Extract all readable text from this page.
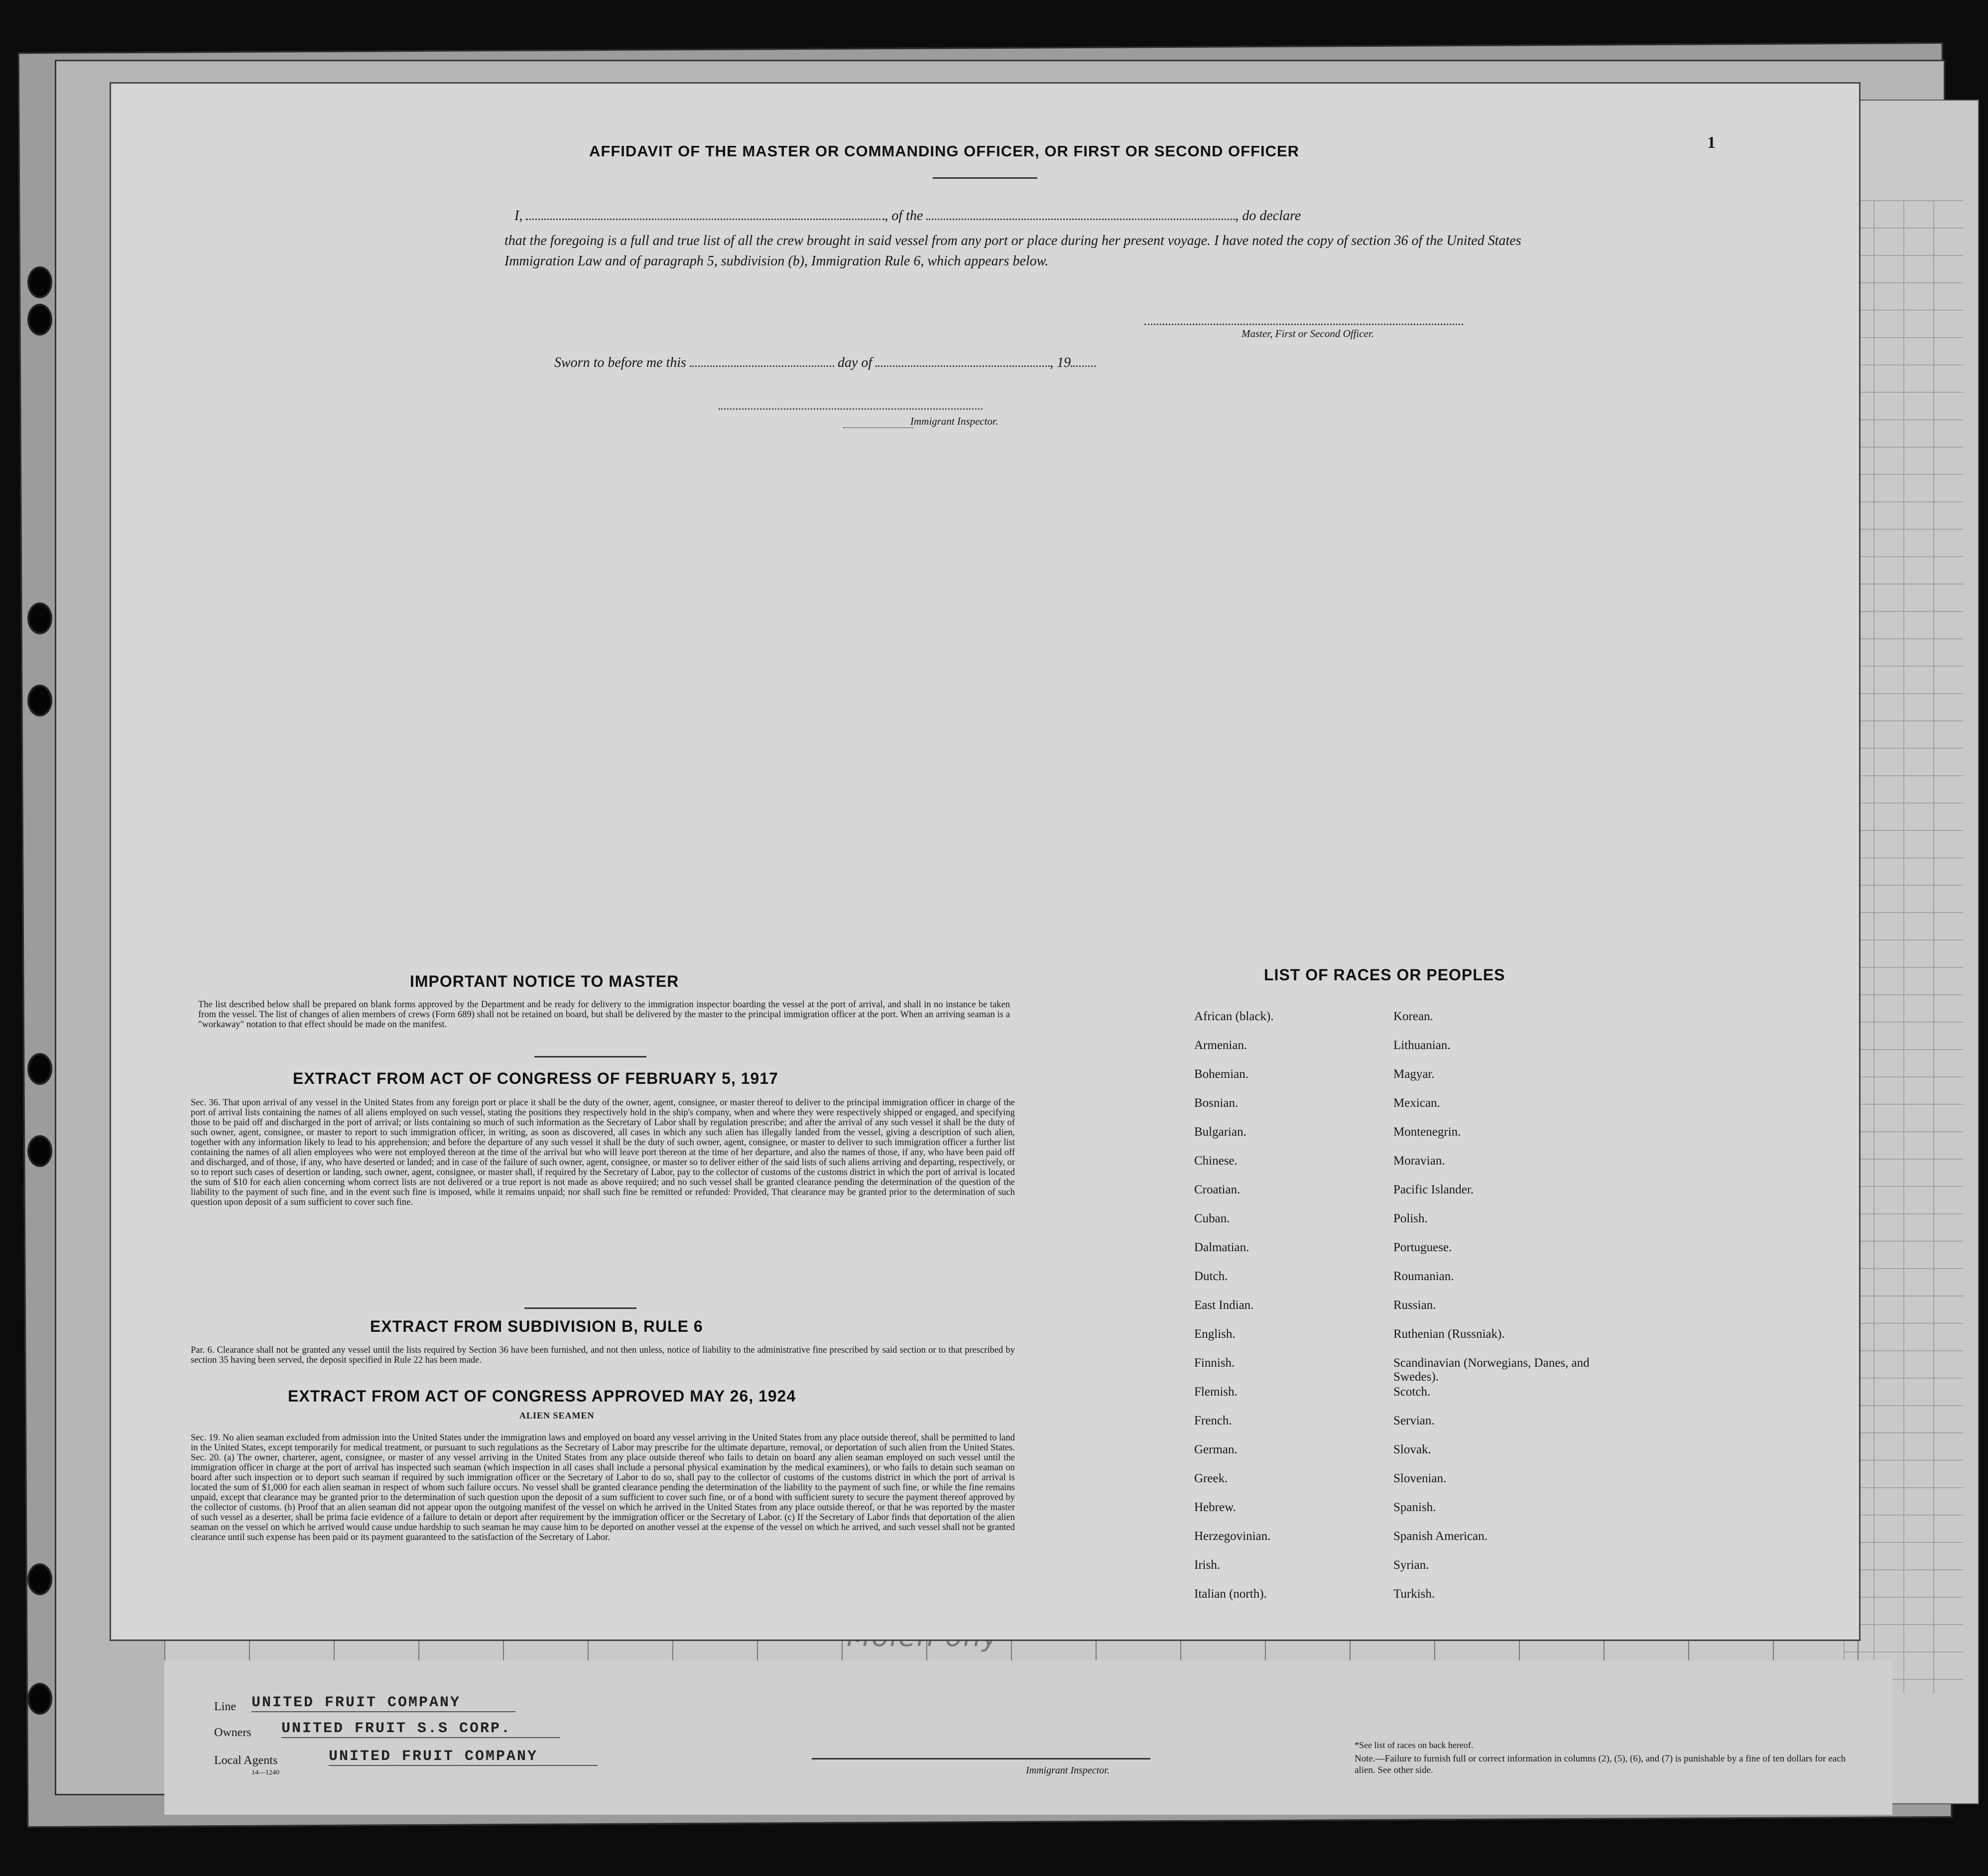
Line UNITED FRUIT COMPANY
Owners UNITED FRUIT S.S CORP.
Local Agents	UNITED FRUIT COMPANY
14—1240	Immigrant Inspector.
*See list of races on back hereof.
Note.—Failure to furnish full or correct information in columns (2), (5), (6), and (7) is punishable by a fine of ten dollars for each alien. See other side.
AFFIDAVIT OF THE MASTER OR COMMANDING OFFICER, OR FIRST OR SECOND OFFICER
I,	, of the	, do declare
that the foregoing is a full and true list of all the crew brought in said vessel from any port or place during her present voyage. I have noted the copy of section 36 of the United States Immigration Law and of paragraph 5, subdivision (b), Immigration Rule 6, which appears below.
Master, First or Second Officer.
Sworn to before me this	day of	, 19
Immigrant Inspector.
1
IMPORTANT NOTICE TO MASTER
The list described below shall be prepared on blank forms approved by the Department and be ready for delivery to the immigration inspector boarding the vessel at the port of arrival, and shall in no instance be taken from the vessel. The list of changes of alien members of crews (Form 689) shall not be retained on board, but shall be delivered by the master to the principal immigration officer at the port. When an arriving seaman is a "workaway" notation to that effect should be made on the manifest.
EXTRACT FROM ACT OF CONGRESS OF FEBRUARY 5, 1917
Sec. 36. That upon arrival of any vessel in the United States from any foreign port or place it shall be the duty of the owner, agent, consignee, or master thereof to deliver to the principal immigration officer in charge of the port of arrival lists containing the names of all aliens employed on such vessel, stating the positions they respectively hold in the ship's company, when and where they were respectively shipped or engaged, and specifying those to be paid off and discharged in the port of arrival; or lists containing so much of such information as the Secretary of Labor shall by regulation prescribe; and after the arrival of any such vessel it shall be the duty of such owner, agent, consignee, or master to report to such immigration officer, in writing, as soon as discovered, all cases in which any such alien has illegally landed from the vessel, giving a description of such alien, together with any information likely to lead to his apprehension; and before the departure of any such vessel it shall be the duty of such owner, agent, consignee, or master to deliver to such immigration officer a further list containing the names of all alien employees who were not employed thereon at the time of the arrival but who will leave port thereon at the time of her departure, and also the names of those, if any, who have been paid off and discharged, and of those, if any, who have deserted or landed; and in case of the failure of such owner, agent, consignee, or master so to deliver either of the said lists of such aliens arriving and departing, respectively, or so to report such cases of desertion or landing, such owner, agent, consignee, or master shall, if required by the Secretary of Labor, pay to the collector of customs of the customs district in which the port of arrival is located the sum of $10 for each alien concerning whom correct lists are not delivered or a true report is not made as above required; and no such vessel shall be granted clearance pending the determination of the question of the liability to the payment of such fine, and in the event such fine is imposed, while it remains unpaid; nor shall such fine be remitted or refunded: Provided, That clearance may be granted prior to the determination of such question upon deposit of a sum sufficient to cover such fine.
EXTRACT FROM SUBDIVISION B, RULE 6
Par. 6. Clearance shall not be granted any vessel until the lists required by Section 36 have been furnished, and not then unless, notice of liability to the administrative fine prescribed by said section or to that prescribed by section 35 having been served, the deposit specified in Rule 22 has been made.
EXTRACT FROM ACT OF CONGRESS APPROVED MAY 26, 1924
ALIEN SEAMEN
Sec. 19. No alien seaman excluded from admission into the United States under the immigration laws and employed on board any vessel arriving in the United States from any place outside thereof, shall be permitted to land in the United States, except temporarily for medical treatment, or pursuant to such regulations as the Secretary of Labor may prescribe for the ultimate departure, removal, or deportation of such alien from the United States. Sec. 20. (a) The owner, charterer, agent, consignee, or master of any vessel arriving in the United States from any place outside thereof who fails to detain on board any alien seaman employed on such vessel until the immigration officer in charge at the port of arrival has inspected such seaman (which inspection in all cases shall include a personal physical examination by the medical examiners), or who fails to detain such seaman on board after such inspection or to deport such seaman if required by such immigration officer or the Secretary of Labor to do so, shall pay to the collector of customs of the customs district in which the port of arrival is located the sum of $1,000 for each alien seaman in respect of whom such failure occurs. No vessel shall be granted clearance pending the determination of the liability to the payment of such fine, or while the fine remains unpaid, except that clearance may be granted prior to the determination of such question upon the deposit of a sum sufficient to cover such fine, or of a bond with sufficient surety to secure the payment thereof approved by the collector of customs. (b) Proof that an alien seaman did not appear upon the outgoing manifest of the vessel on which he arrived in the United States from any place outside thereof, or that he was reported by the master of such vessel as a deserter, shall be prima facie evidence of a failure to detain or deport after requirement by the immigration officer or the Secretary of Labor. (c) If the Secretary of Labor finds that deportation of the alien seaman on the vessel on which he arrived would cause undue hardship to such seaman he may cause him to be deported on another vessel at the expense of the vessel on which he arrived, and such vessel shall not be granted clearance until such expense has been paid or its payment guaranteed to the satisfaction of the Secretary of Labor.
LIST OF RACES OR PEOPLES
African (black).	Korean.
Armenian.	Lithuanian.
Bohemian.	Magyar.
Bosnian.	Mexican.
Bulgarian.	Montenegrin.
Chinese.	Moravian.
Croatian.	Pacific Islander.
Cuban.	Polish.
Dalmatian.	Portuguese.
Dutch.	Roumanian.
East Indian.	Russian.
English.	Ruthenian (Russniak).
Finnish.	Scandinavian (Norwegians, Danes, and Swedes).
Flemish.	Scotch.
French.	Servian.
German.	Slovak.
Greek.	Slovenian.
Hebrew.	Spanish.
Herzegovinian.	Spanish American.
Irish.	Syrian.
Italian (north).	Turkish.
